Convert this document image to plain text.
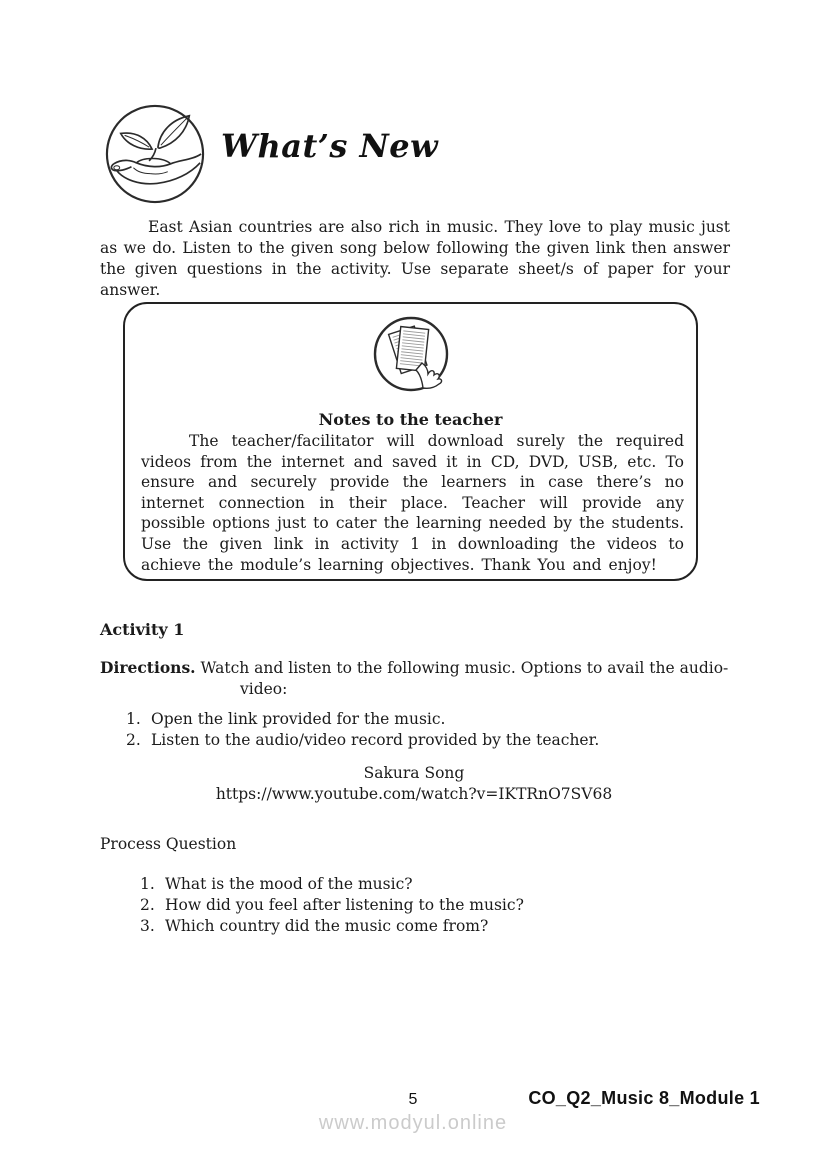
What’s New

East Asian countries are also rich in music. They love to play music just as we do. Listen to the given song below following the given link then answer the given questions in the activity. Use separate sheet/s of paper for your answer.

Notes to the teacher

The teacher/facilitator will download surely the required videos from the internet and saved it in CD, DVD, USB, etc. To ensure and securely provide the learners in case there’s no internet connection in their place. Teacher will provide any possible options just to cater the learning needed by the students. Use the given link in activity 1 in downloading the videos to achieve the module’s learning objectives. Thank You and enjoy!

Activity 1

Directions. Watch and listen to the following music. Options to avail the audio-

video:
1. Open the link provided for the music.
2. Listen to the audio/video record provided by the teacher.
Sakura Song
https://www.youtube.com/watch?v=IKTRnO7SV68
Process Question
1. What is the mood of the music?
2. How did you feel after listening to the music?
3. Which country did the music come from?
5	CO_Q2_Music 8_Module 1
www.modyul.online
